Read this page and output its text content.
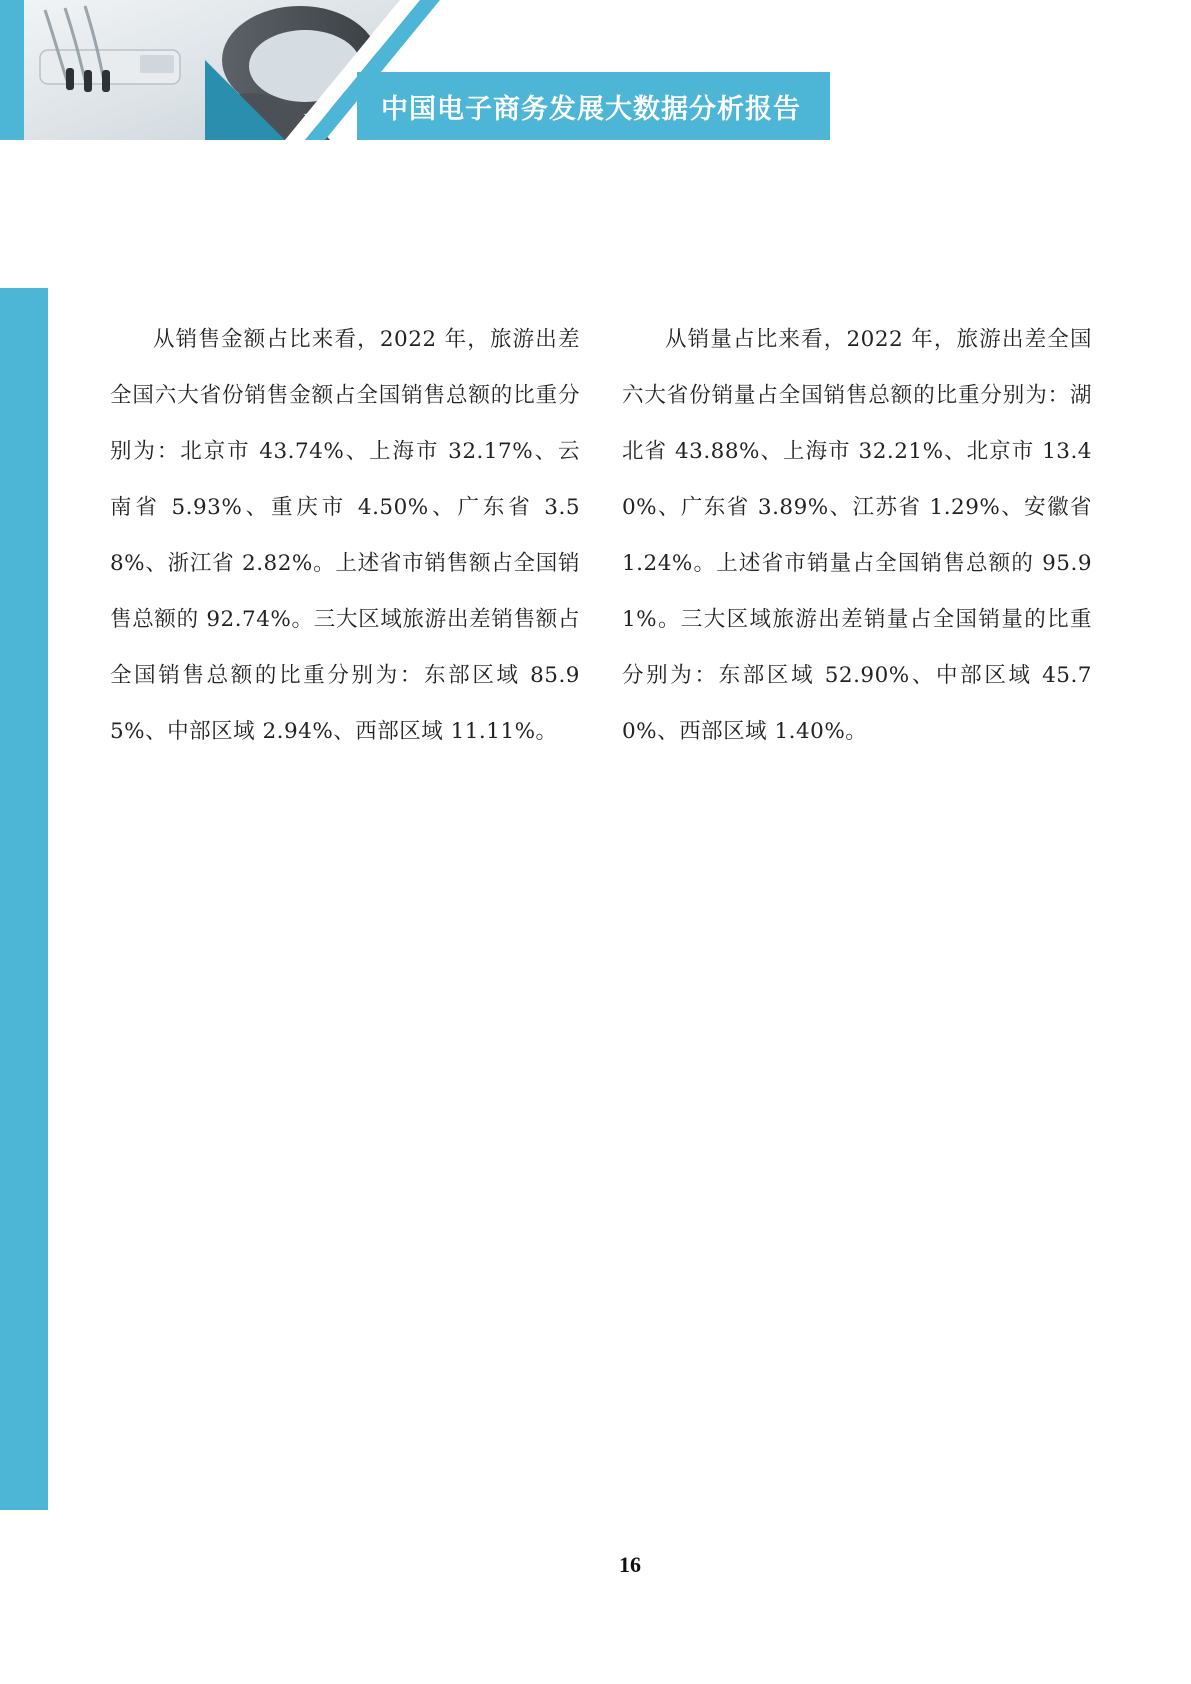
中国电子商务发展大数据分析报告

从销售金额占比来看，2022 年，旅游出差全国六大省份销售金额占全国销售总额的比重分别为：北京市 43.74%、上海市 32.17%、云南省 5.93%、重庆市 4.50%、广东省 3.58%、浙江省 2.82%。上述省市销售额占全国销售总额的 92.74%。三大区域旅游出差销售额占全国销售总额的比重分别为：东部区域 85.95%、中部区域 2.94%、西部区域 11.11%。

从销量占比来看，2022 年，旅游出差全国六大省份销量占全国销售总额的比重分别为：湖北省 43.88%、上海市 32.21%、北京市 13.40%、广东省 3.89%、江苏省 1.29%、安徽省 1.24%。上述省市销量占全国销售总额的 95.91%。三大区域旅游出差销量占全国销量的比重分别为：东部区域 52.90%、中部区域 45.70%、西部区域 1.40%。

16
